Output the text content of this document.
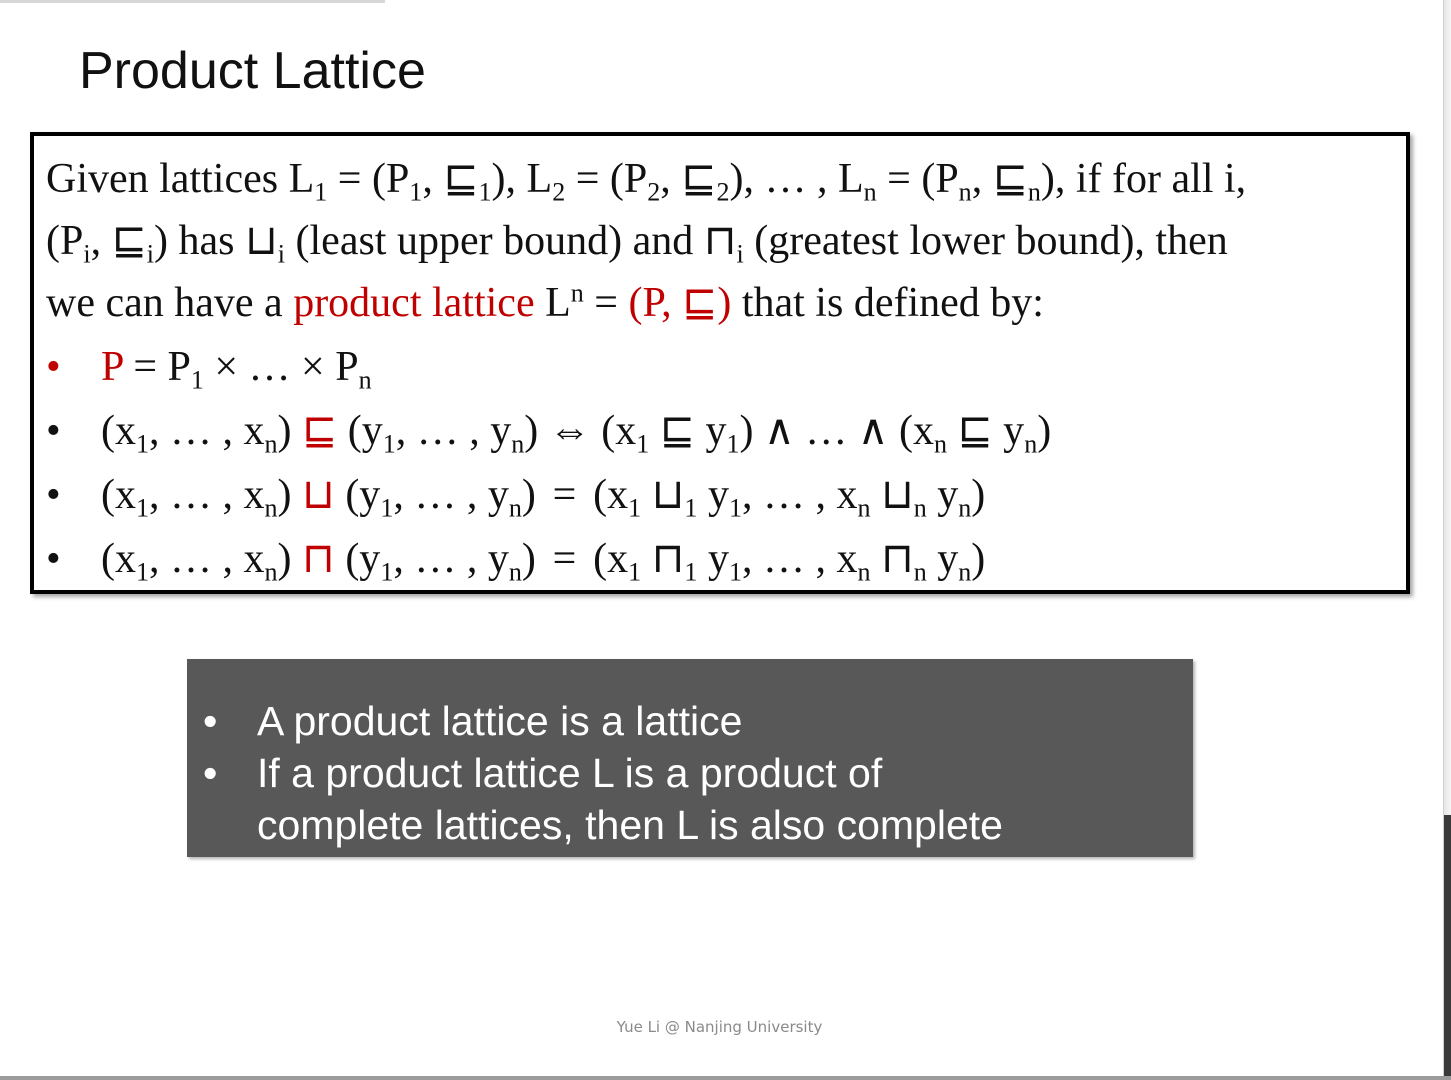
Product Lattice
Given lattices $L_1 = (P_1$, $⊑_1$), $L_2 = (P_2$, $⊑_2$), … , $L_n = (P_n$, $⊑_n$), if for all i,
($P_i$, $⊑_i$) has $⊔_i$ (least upper bound) and $⊓_i$ (greatest lower bound), then
we can have a product lattice $L^n = (P$, ⊑) that is defined by:
• $P = P_1$ × … × $P_n$
• ($x_1$, … , $x_n$) ⊑ ($y_1$, … , $y_n$) ⇔ ($x_1$ ⊑ $y_1$) ∧ … ∧ ($x_n$ ⊑ $y_n$)
• ($x_1$, … , $x_n$) ⊔ ($y_1$, … , $y_n) = (x_1$ $⊔_1$ $y_1$, … , $x_n$ $⊔_n$ $y_n$)
• ($x_1$, … , $x_n$) ⊓ ($y_1$, … , $y_n) = (x_1$ $⊓_1$ $y_1$, … , $x_n$ $⊓_n$ $y_n$)
• A product lattice is a lattice
• If a product lattice L is a product of
complete lattices, then L is also complete
Yue Li @ Nanjing University
